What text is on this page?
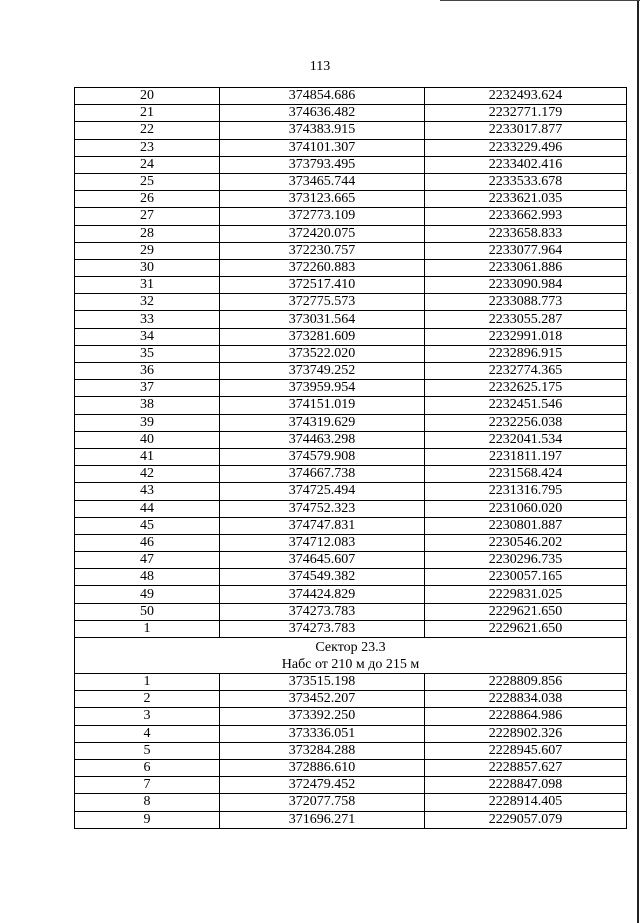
113
20	374854.686	2232493.624
21	374636.482	2232771.179
22	374383.915	2233017.877
23	374101.307	2233229.496
24	373793.495	2233402.416
25	373465.744	2233533.678
26	373123.665	2233621.035
27	372773.109	2233662.993
28	372420.075	2233658.833
29	372230.757	2233077.964
30	372260.883	2233061.886
31	372517.410	2233090.984
32	372775.573	2233088.773
33	373031.564	2233055.287
34	373281.609	2232991.018
35	373522.020	2232896.915
36	373749.252	2232774.365
37	373959.954	2232625.175
38	374151.019	2232451.546
39	374319.629	2232256.038
40	374463.298	2232041.534
41	374579.908	2231811.197
42	374667.738	2231568.424
43	374725.494	2231316.795
44	374752.323	2231060.020
45	374747.831	2230801.887
46	374712.083	2230546.202
47	374645.607	2230296.735
48	374549.382	2230057.165
49	374424.829	2229831.025
50	374273.783	2229621.650
1	374273.783	2229621.650

Сектор 23.3
Набс от 210 м до 215 м		

1	373515.198	2228809.856
2	373452.207	2228834.038
3	373392.250	2228864.986
4	373336.051	2228902.326
5	373284.288	2228945.607
6	372886.610	2228857.627
7	372479.452	2228847.098
8	372077.758	2228914.405
9	371696.271	2229057.079
